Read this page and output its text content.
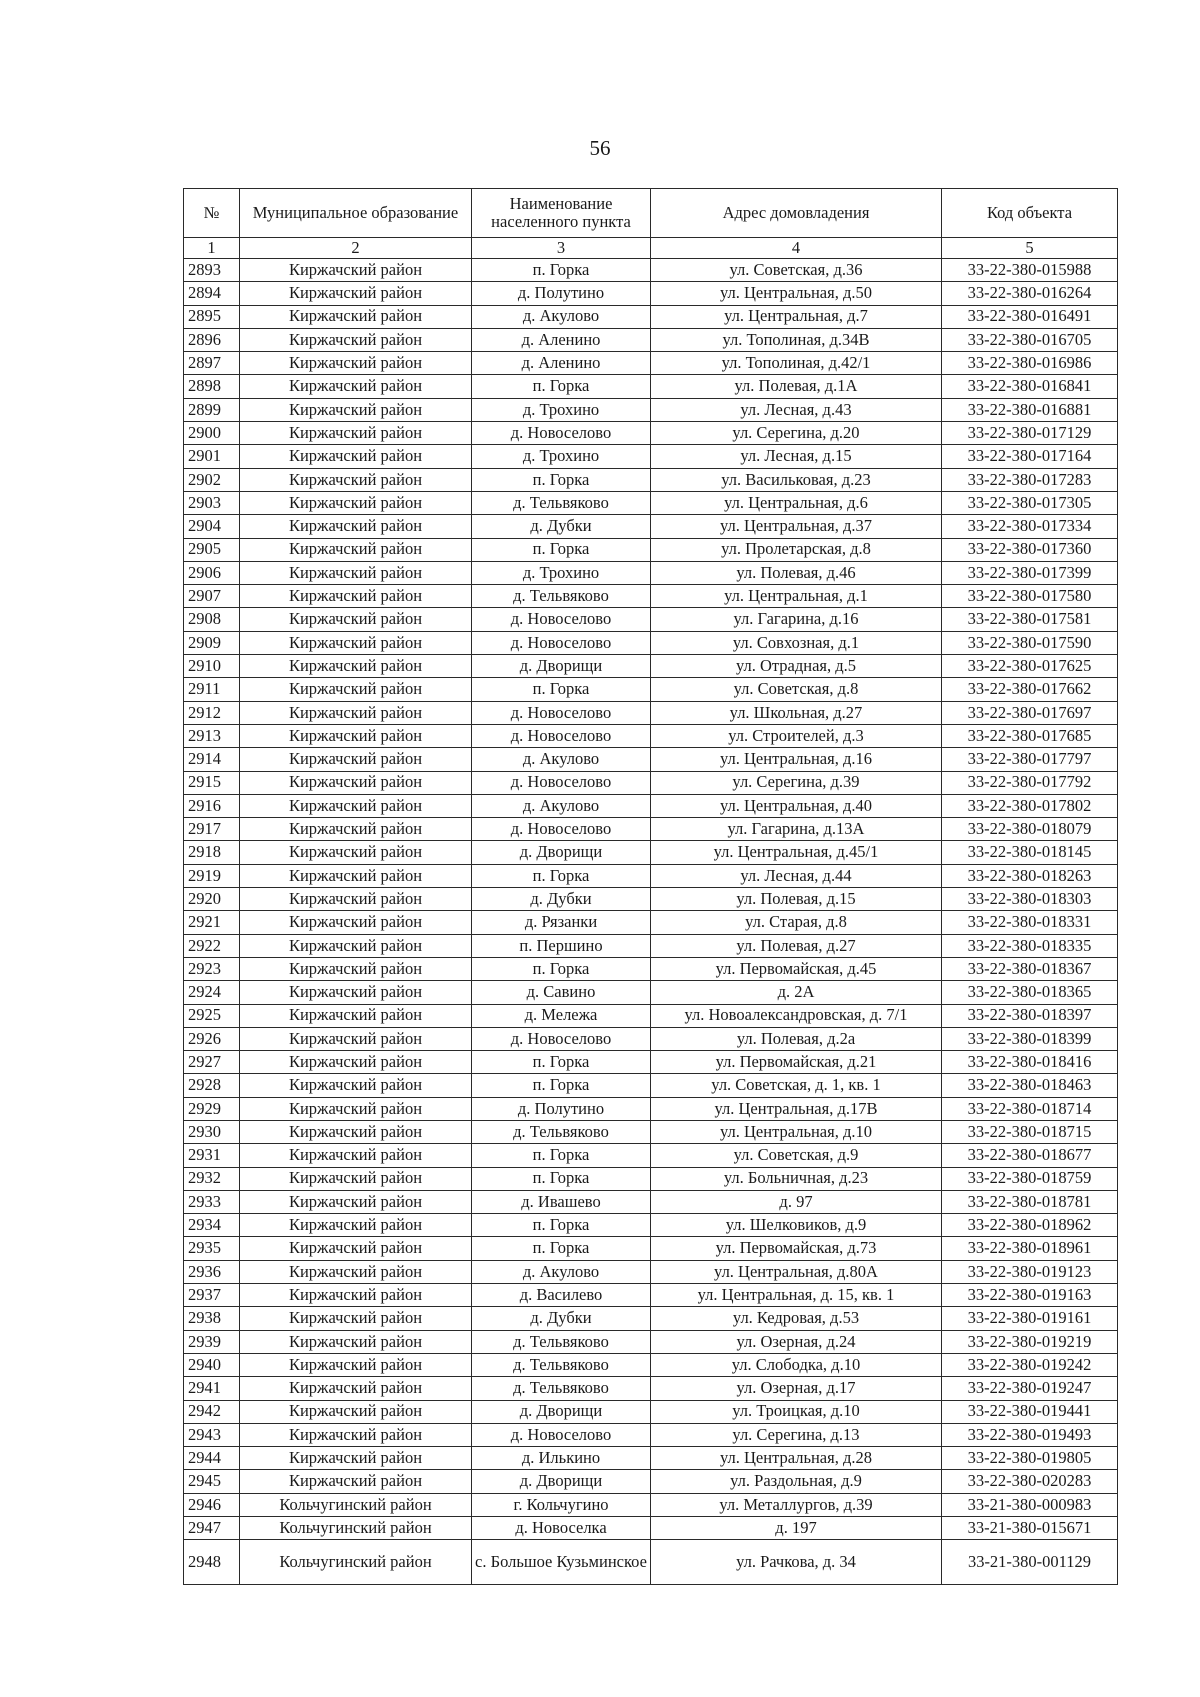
56
№	Муниципальное образование	Наименование населенного пункта	Адрес домовладения	Код объекта
1	2	3	4	5
2893	Киржачский район	п. Горка	ул. Советская, д.36	33-22-380-015988
2894	Киржачский район	д. Полутино	ул. Центральная, д.50	33-22-380-016264
2895	Киржачский район	д. Акулово	ул. Центральная, д.7	33-22-380-016491
2896	Киржачский район	д. Аленино	ул. Тополиная, д.34В	33-22-380-016705
2897	Киржачский район	д. Аленино	ул. Тополиная, д.42/1	33-22-380-016986
2898	Киржачский район	п. Горка	ул. Полевая, д.1А	33-22-380-016841
2899	Киржачский район	д. Трохино	ул. Лесная, д.43	33-22-380-016881
2900	Киржачский район	д. Новоселово	ул. Серегина, д.20	33-22-380-017129
2901	Киржачский район	д. Трохино	ул. Лесная, д.15	33-22-380-017164
2902	Киржачский район	п. Горка	ул. Васильковая, д.23	33-22-380-017283
2903	Киржачский район	д. Тельвяково	ул. Центральная, д.6	33-22-380-017305
2904	Киржачский район	д. Дубки	ул. Центральная, д.37	33-22-380-017334
2905	Киржачский район	п. Горка	ул. Пролетарская, д.8	33-22-380-017360
2906	Киржачский район	д. Трохино	ул. Полевая, д.46	33-22-380-017399
2907	Киржачский район	д. Тельвяково	ул. Центральная, д.1	33-22-380-017580
2908	Киржачский район	д. Новоселово	ул. Гагарина, д.16	33-22-380-017581
2909	Киржачский район	д. Новоселово	ул. Совхозная, д.1	33-22-380-017590
2910	Киржачский район	д. Дворищи	ул. Отрадная, д.5	33-22-380-017625
2911	Киржачский район	п. Горка	ул. Советская, д.8	33-22-380-017662
2912	Киржачский район	д. Новоселово	ул. Школьная, д.27	33-22-380-017697
2913	Киржачский район	д. Новоселово	ул. Строителей, д.3	33-22-380-017685
2914	Киржачский район	д. Акулово	ул. Центральная, д.16	33-22-380-017797
2915	Киржачский район	д. Новоселово	ул. Серегина, д.39	33-22-380-017792
2916	Киржачский район	д. Акулово	ул. Центральная, д.40	33-22-380-017802
2917	Киржачский район	д. Новоселово	ул. Гагарина, д.13А	33-22-380-018079
2918	Киржачский район	д. Дворищи	ул. Центральная, д.45/1	33-22-380-018145
2919	Киржачский район	п. Горка	ул. Лесная, д.44	33-22-380-018263
2920	Киржачский район	д. Дубки	ул. Полевая, д.15	33-22-380-018303
2921	Киржачский район	д. Рязанки	ул. Старая, д.8	33-22-380-018331
2922	Киржачский район	п. Першино	ул. Полевая, д.27	33-22-380-018335
2923	Киржачский район	п. Горка	ул. Первомайская, д.45	33-22-380-018367
2924	Киржачский район	д. Савино	д. 2А	33-22-380-018365
2925	Киржачский район	д. Мележа	ул. Новоалександровская, д. 7/1	33-22-380-018397
2926	Киржачский район	д. Новоселово	ул. Полевая, д.2а	33-22-380-018399
2927	Киржачский район	п. Горка	ул. Первомайская, д.21	33-22-380-018416
2928	Киржачский район	п. Горка	ул. Советская, д. 1, кв. 1	33-22-380-018463
2929	Киржачский район	д. Полутино	ул. Центральная, д.17В	33-22-380-018714
2930	Киржачский район	д. Тельвяково	ул. Центральная, д.10	33-22-380-018715
2931	Киржачский район	п. Горка	ул. Советская, д.9	33-22-380-018677
2932	Киржачский район	п. Горка	ул. Больничная, д.23	33-22-380-018759
2933	Киржачский район	д. Ивашево	д. 97	33-22-380-018781
2934	Киржачский район	п. Горка	ул. Шелковиков, д.9	33-22-380-018962
2935	Киржачский район	п. Горка	ул. Первомайская, д.73	33-22-380-018961
2936	Киржачский район	д. Акулово	ул. Центральная, д.80А	33-22-380-019123
2937	Киржачский район	д. Василево	ул. Центральная, д. 15, кв. 1	33-22-380-019163
2938	Киржачский район	д. Дубки	ул. Кедровая, д.53	33-22-380-019161
2939	Киржачский район	д. Тельвяково	ул. Озерная, д.24	33-22-380-019219
2940	Киржачский район	д. Тельвяково	ул. Слободка, д.10	33-22-380-019242
2941	Киржачский район	д. Тельвяково	ул. Озерная, д.17	33-22-380-019247
2942	Киржачский район	д. Дворищи	ул. Троицкая, д.10	33-22-380-019441
2943	Киржачский район	д. Новоселово	ул. Серегина, д.13	33-22-380-019493
2944	Киржачский район	д. Илькино	ул. Центральная, д.28	33-22-380-019805
2945	Киржачский район	д. Дворищи	ул. Раздольная, д.9	33-22-380-020283
2946	Кольчугинский район	г. Кольчугино	ул. Металлургов, д.39	33-21-380-000983
2947	Кольчугинский район	д. Новоселка	д. 197	33-21-380-015671
2948	Кольчугинский район	с. Большое Кузьминское	ул. Рачкова, д. 34	33-21-380-001129
